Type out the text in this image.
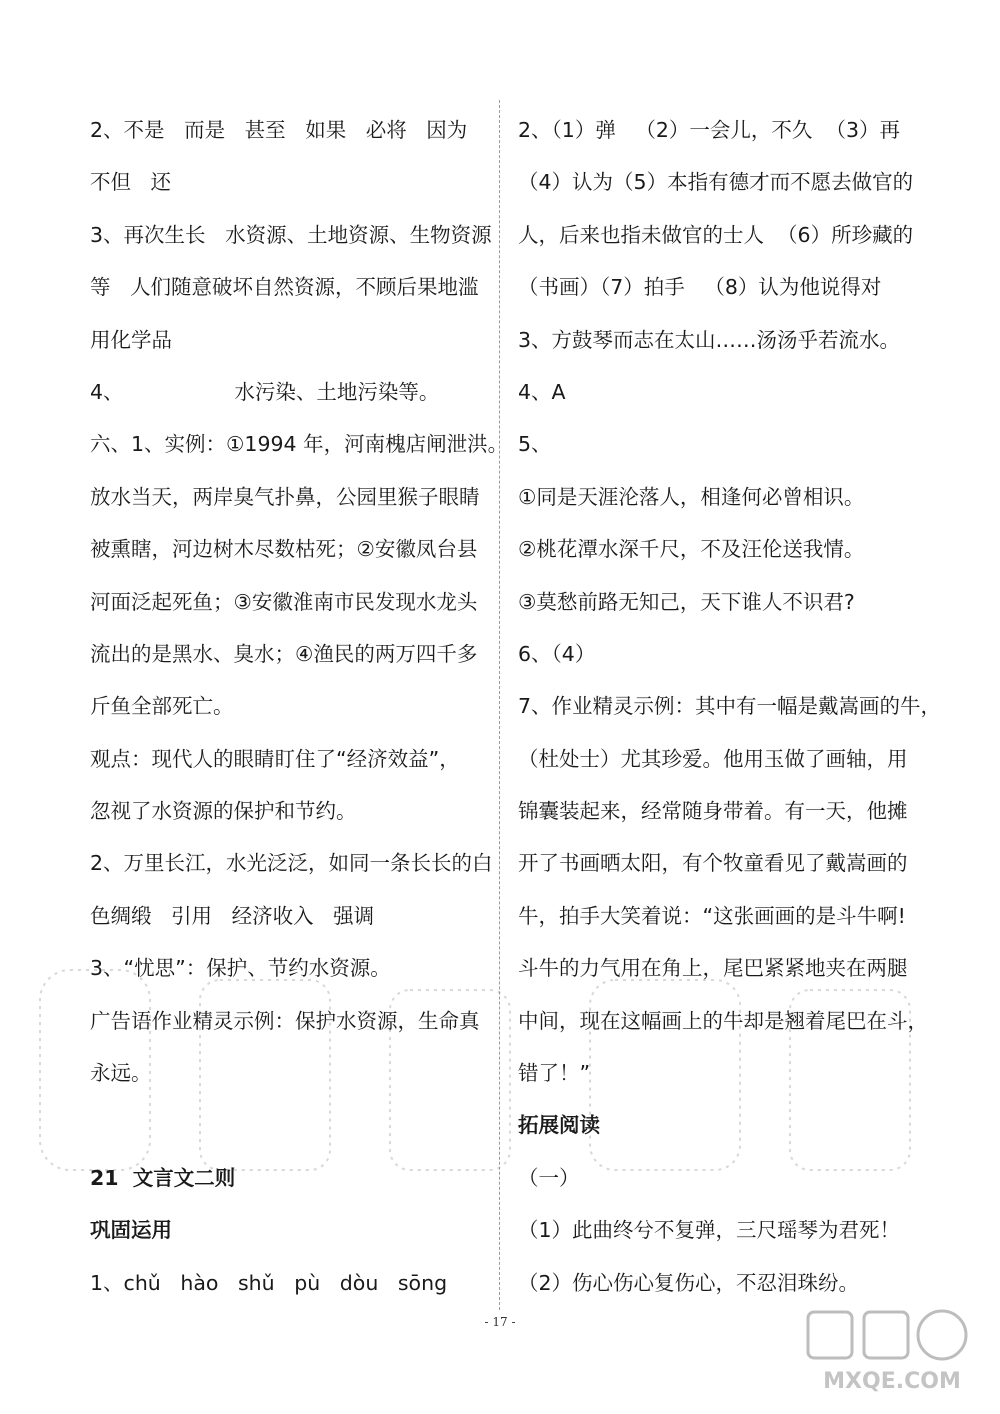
2、不是   而是   甚至   如果   必将   因为
不但   还
3、再次生长   水资源、土地资源、生物资源
等   人们随意破坏自然资源，不顾后果地滥
用化学品
4、                 水污染、土地污染等。
六、1、实例：①1994 年，河南槐店闸泄洪。
放水当天，两岸臭气扑鼻，公园里猴子眼睛
被熏瞎，河边树木尽数枯死；②安徽凤台县
河面泛起死鱼；③安徽淮南市民发现水龙头
流出的是黑水、臭水；④渔民的两万四千多
斤鱼全部死亡。
观点：现代人的眼睛盯住了“经济效益”，
忽视了水资源的保护和节约。
2、万里长江，水光泛泛，如同一条长长的白
色绸缎   引用   经济收入   强调
3、“忧思”：保护、节约水资源。
广告语作业精灵示例：保护水资源，生命真
永远。
21  文言文二则
巩固运用
1、chǔ   hào   shǔ   pù   dòu   sōng
2、（1）弹   （2）一会儿，不久  （3）再
（4）认为（5）本指有德才而不愿去做官的
人，后来也指未做官的士人  （6）所珍藏的
（书画）（7）拍手   （8）认为他说得对
3、方鼓琴而志在太山……汤汤乎若流水。
4、A
5、
①同是天涯沦落人，相逢何必曾相识。
②桃花潭水深千尺，不及汪伦送我情。
③莫愁前路无知己，天下谁人不识君?
6、（4）
7、作业精灵示例：其中有一幅是戴嵩画的牛，
（杜处士）尤其珍爱。他用玉做了画轴，用
锦囊装起来，经常随身带着。有一天，他摊
开了书画晒太阳，有个牧童看见了戴嵩画的
牛，拍手大笑着说：“这张画画的是斗牛啊!
斗牛的力气用在角上，尾巴紧紧地夹在两腿
中间，现在这幅画上的牛却是翘着尾巴在斗，
错了！”
拓展阅读
（一）
（1）此曲终兮不复弹，三尺瑶琴为君死！
（2）伤心伤心复伤心，不忍泪珠纷。
- 17 -
MXQE.COM
